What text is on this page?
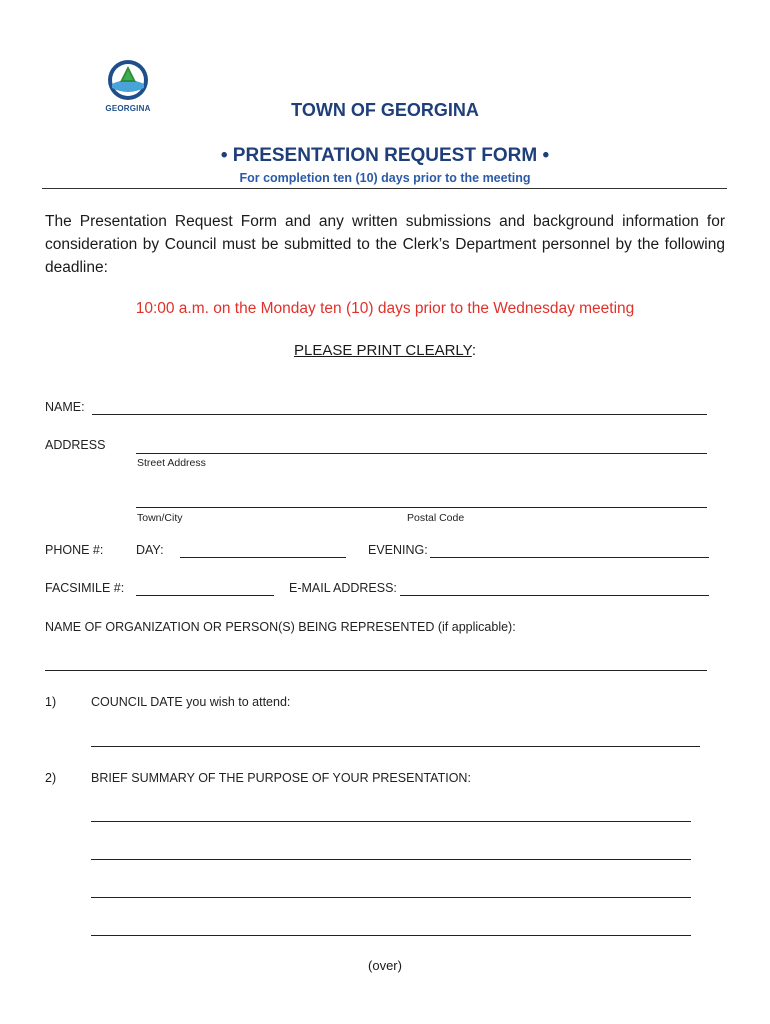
GEORGINA	TOWN OF GEORGINA
• PRESENTATION REQUEST FORM •
For completion ten (10) days prior to the meeting
The Presentation Request Form and any written submissions and background information for consideration by Council must be submitted to the Clerk’s Department personnel by the following deadline:
10:00 a.m. on the Monday ten (10) days prior to the Wednesday meeting
PLEASE PRINT CLEARLY:
NAME:
ADDRESS
Street Address
Town/City	Postal Code
PHONE #:	DAY:	EVENING:
FACSIMILE #:	E-MAIL ADDRESS:
NAME OF ORGANIZATION OR PERSON(S) BEING REPRESENTED (if applicable):
1)	COUNCIL DATE you wish to attend:
2)	BRIEF SUMMARY OF THE PURPOSE OF YOUR PRESENTATION:
(over)
